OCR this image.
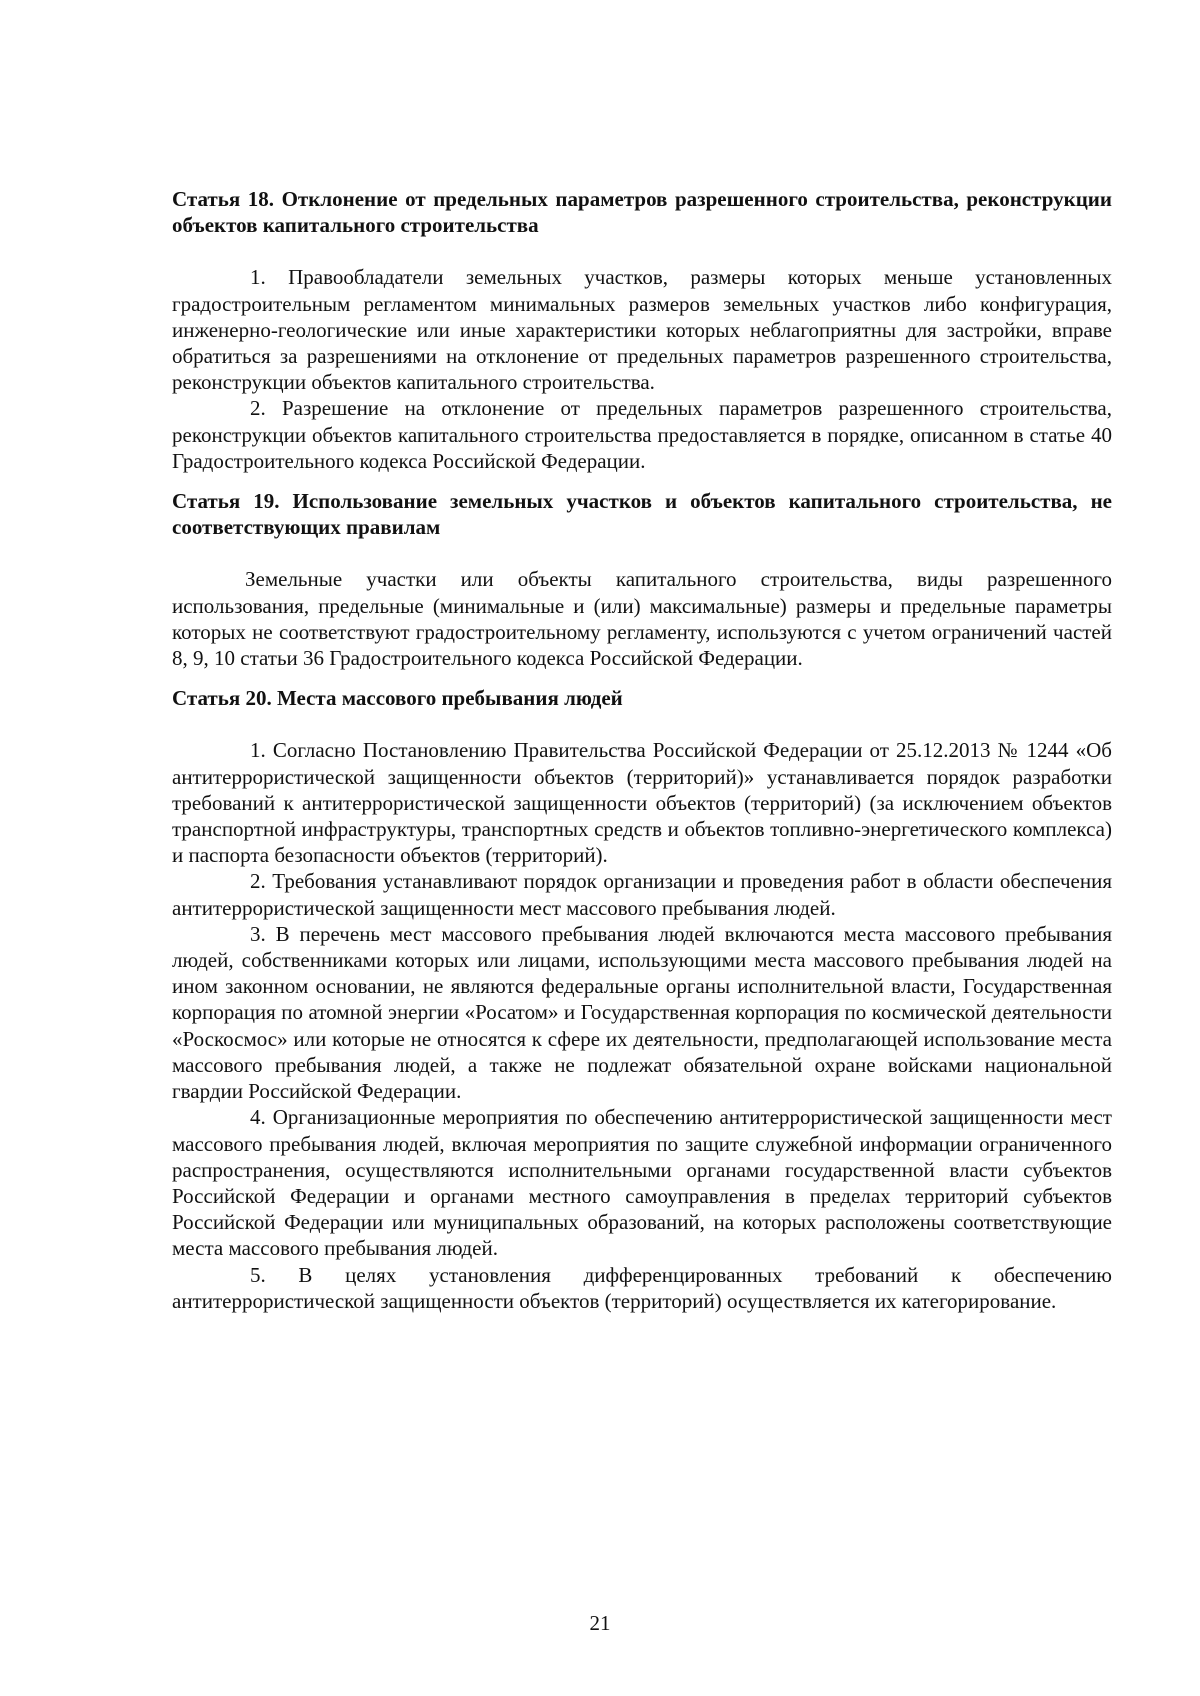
Статья 18. Отклонение от предельных параметров разрешенного строительства, реконструкции объектов капитального строительства

1. Правообладатели земельных участков, размеры которых меньше установленных градостроительным регламентом минимальных размеров земельных участков либо конфигурация, инженерно-геологические или иные характеристики которых неблагоприятны для застройки, вправе обратиться за разрешениями на отклонение от предельных параметров разрешенного строительства, реконструкции объектов капитального строительства.

2. Разрешение на отклонение от предельных параметров разрешенного строительства, реконструкции объектов капитального строительства предоставляется в порядке, описанном в статье 40 Градостроительного кодекса Российской Федерации.

Статья 19. Использование земельных участков и объектов капитального строительства, не соответствующих правилам

Земельные участки или объекты капитального строительства, виды разрешенного использования, предельные (минимальные и (или) максимальные) размеры и предельные параметры которых не соответствуют градостроительному регламенту, используются с учетом ограничений частей 8, 9, 10 статьи 36 Градостроительного кодекса Российской Федерации.

Статья 20. Места массового пребывания людей

1. Согласно Постановлению Правительства Российской Федерации от 25.12.2013 № 1244 «Об антитеррористической защищенности объектов (территорий)» устанавливается порядок разработки требований к антитеррористической защищенности объектов (территорий) (за исключением объектов транспортной инфраструктуры, транспортных средств и объектов топливно-энергетического комплекса) и паспорта безопасности объектов (территорий).

2. Требования устанавливают порядок организации и проведения работ в области обеспечения антитеррористической защищенности мест массового пребывания людей.

3. В перечень мест массового пребывания людей включаются места массового пребывания людей, собственниками которых или лицами, использующими места массового пребывания людей на ином законном основании, не являются федеральные органы исполнительной власти, Государственная корпорация по атомной энергии «Росатом» и Государственная корпорация по космической деятельности «Роскосмос» или которые не относятся к сфере их деятельности, предполагающей использование места массового пребывания людей, а также не подлежат обязательной охране войсками национальной гвардии Российской Федерации.

4. Организационные мероприятия по обеспечению антитеррористической защищенности мест массового пребывания людей, включая мероприятия по защите служебной информации ограниченного распространения, осуществляются исполнительными органами государственной власти субъектов Российской Федерации и органами местного самоуправления в пределах территорий субъектов Российской Федерации или муниципальных образований, на которых расположены соответствующие места массового пребывания людей.

5. В целях установления дифференцированных требований к обеспечению антитеррористической защищенности объектов (территорий) осуществляется их категорирование.

21
